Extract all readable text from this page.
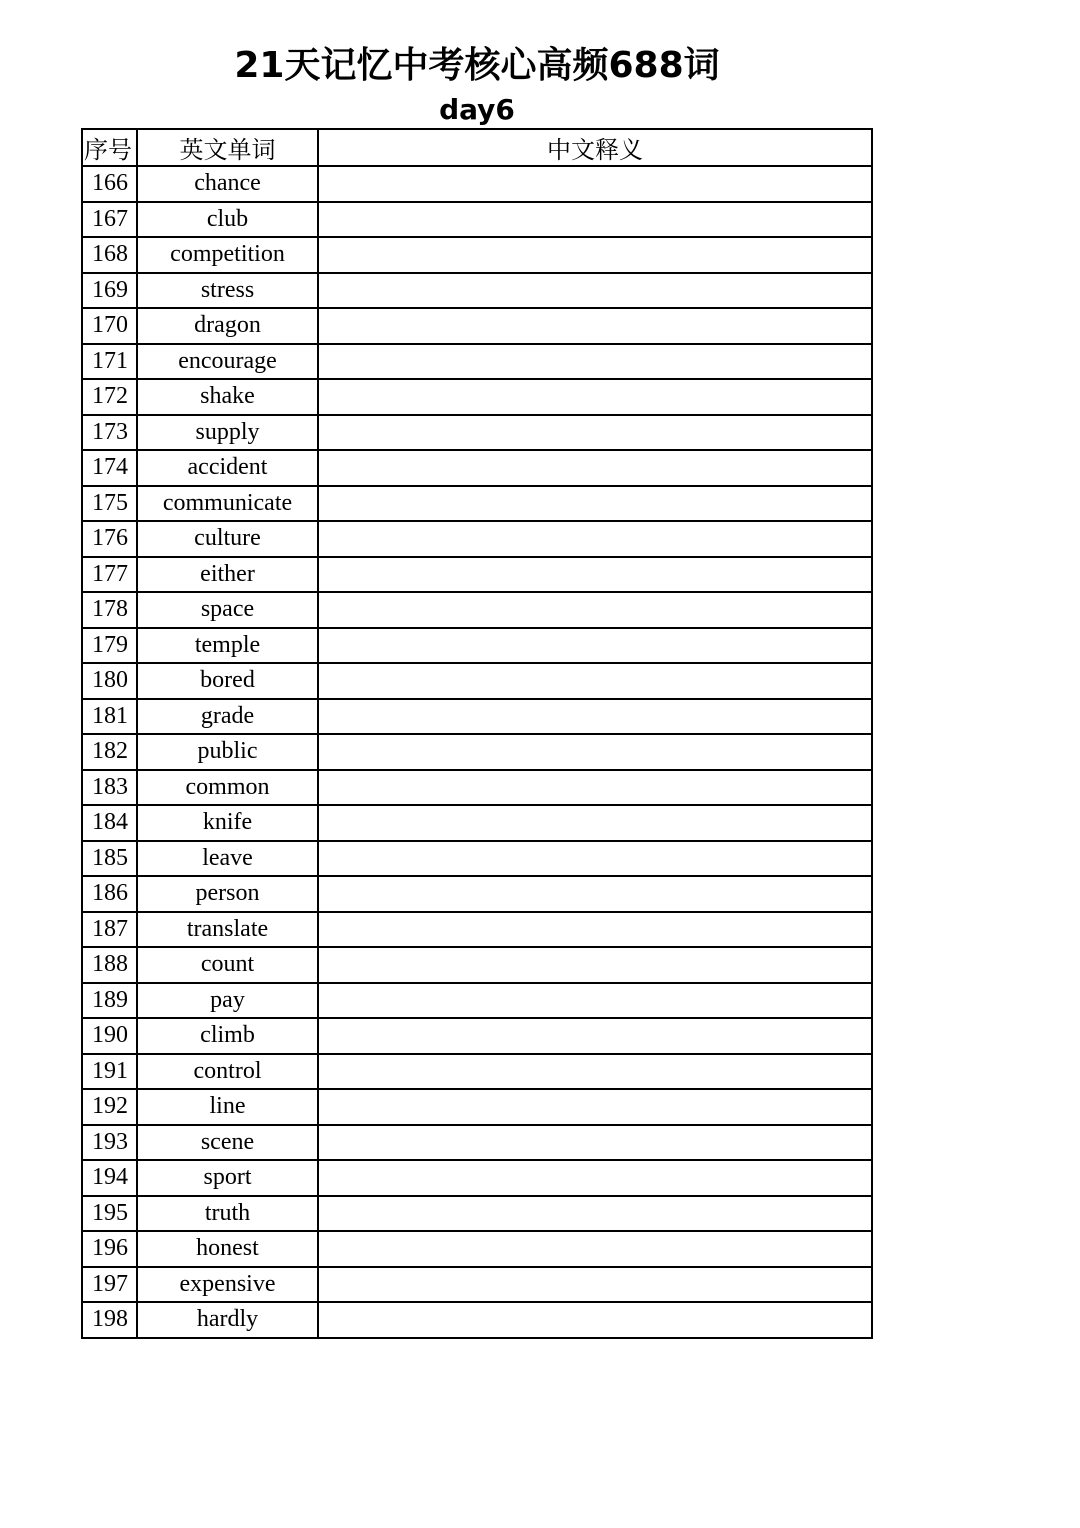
21天记忆中考核心高频688词
day6
序号	英文单词	中文释义
166	chance	
167	club	
168	competition	
169	stress	
170	dragon	
171	encourage	
172	shake	
173	supply	
174	accident	
175	communicate	
176	culture	
177	either	
178	space	
179	temple	
180	bored	
181	grade	
182	public	
183	common	
184	knife	
185	leave	
186	person	
187	translate	
188	count	
189	pay	
190	climb	
191	control	
192	line	
193	scene	
194	sport	
195	truth	
196	honest	
197	expensive	
198	hardly	
